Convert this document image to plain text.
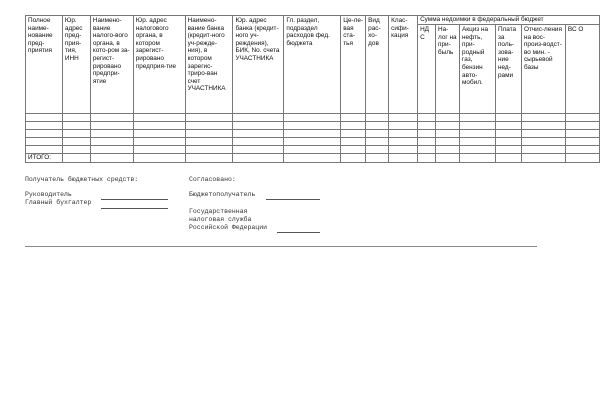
Полное наиме-нование пред-приятия	Юр. адрес пред-прия-тия, ИНН	Наимено-вание налого-вого органа, в кото-ром за-регист-рировано предпри-ятие	Юр. адрес налогового органа, в котором зарегист-рировано предприя-тие	Наимено-вание банка (кредит-ного уч-режде-ния), в котором зарегис-триро-ван счет УЧАСТНИКА	Юр. адрес банка (кредит-ного уч-реждения), БИК, No. счета УЧАСТНИКА	Гл. раздел, подраздел расходов фед. бюджета	Це-ле-вая ста-тья	Вид рас-хо-дов	Клас-сифи-кация	Сумма недоимки в федеральный бюджет					
										НД С	На-лог на при-быль	Акциз на нефть, при-родный газ, бензин авто-мобил.	Плата за поль-зова-ние нед-рами	Отчис-ления на вос-произ-водст-во мин. - сырьевой базы	ВС О

ИТОГО:															
Получатель бюджетных средств:
Руководитель
Главный бухгалтер
Согласовано:
Бюджетополучатель
Государственная
налоговая служба
Российской Федерации
